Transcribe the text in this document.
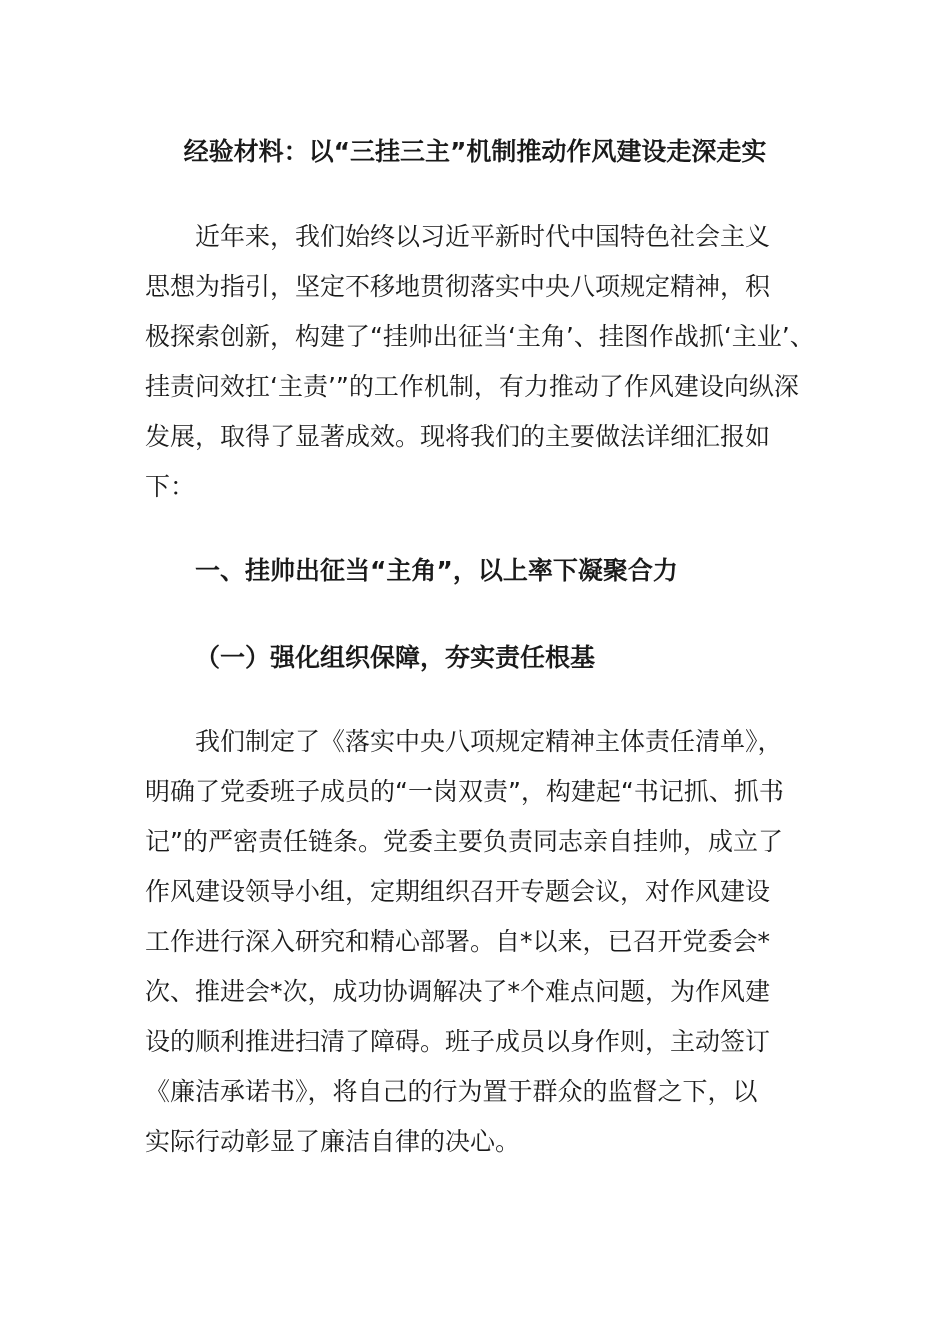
经验材料：以“三挂三主”机制推动作风建设走深走实
近年来，我们始终以习近平新时代中国特色社会主义
思想为指引，坚定不移地贯彻落实中央八项规定精神，积
极探索创新，构建了“挂帅出征当‘主角’、挂图作战抓‘主业’、
挂责问效扛‘主责’”的工作机制，有力推动了作风建设向纵深
发展，取得了显著成效。现将我们的主要做法详细汇报如
下：
一、挂帅出征当“主角”，以上率下凝聚合力
（一）强化组织保障，夯实责任根基
我们制定了《落实中央八项规定精神主体责任清单》，
明确了党委班子成员的“一岗双责”，构建起“书记抓、抓书
记”的严密责任链条。党委主要负责同志亲自挂帅，成立了
作风建设领导小组，定期组织召开专题会议，对作风建设
工作进行深入研究和精心部署。自*以来，已召开党委会*
次、推进会*次，成功协调解决了*个难点问题，为作风建
设的顺利推进扫清了障碍。班子成员以身作则，主动签订
《廉洁承诺书》，将自己的行为置于群众的监督之下，以
实际行动彰显了廉洁自律的决心。
